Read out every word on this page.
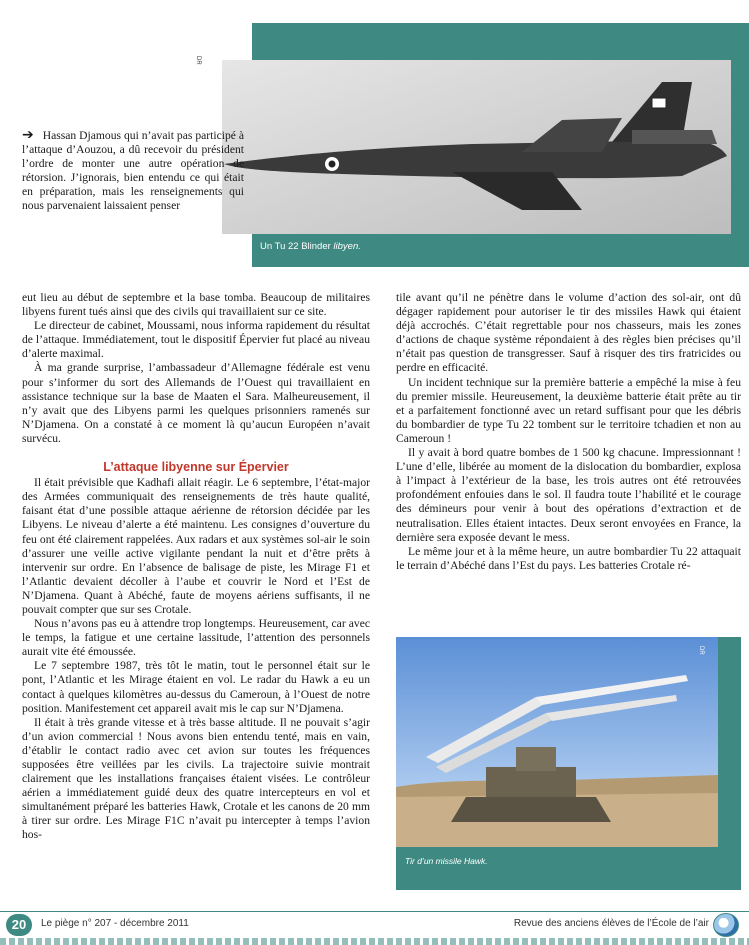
DR
Un Tu 22 Blinder libyen.
➔ Hassan Djamous qui n’avait pas participé à l’attaque d’Aouzou, a dû recevoir du président l’ordre de monter une autre opération de rétorsion. J’ignorais, bien entendu ce qui était en préparation, mais les renseignements qui nous parvenaient laissaient penser

eut lieu au début de septembre et la base tomba. Beaucoup de militaires libyens furent tués ainsi que des civils qui travaillaient sur ce site.

Le directeur de cabinet, Moussami, nous informa rapidement du résultat de l’attaque. Immédiatement, tout le dispositif Épervier fut placé au niveau d’alerte maximal.

À ma grande surprise, l’ambassadeur d’Allemagne fédérale est venu pour s’informer du sort des Allemands de l’Ouest qui travaillaient en assistance technique sur la base de Maaten el Sara. Malheureusement, il n’y avait que des Libyens parmi les quelques prisonniers ramenés sur N’Djamena. On a constaté à ce moment là qu’aucun Européen n’avait survécu.

L’attaque libyenne sur Épervier

Il était prévisible que Kadhafi allait réagir. Le 6 septembre, l’état-major des Armées communiquait des renseignements de très haute qualité, faisant état d’une possible attaque aérienne de rétorsion décidée par les Libyens. Le niveau d’alerte a été maintenu. Les consignes d’ouverture du feu ont été clairement rappelées. Aux radars et aux systèmes sol-air le soin d’assurer une veille active vigilante pendant la nuit et d’être prêts à intervenir sur ordre. En l’absence de balisage de piste, les Mirage F1 et l’Atlantic devaient décoller à l’aube et couvrir le Nord et l’Est de N’Djamena. Quant à Abéché, faute de moyens aériens suffisants, il ne pouvait compter que sur ses Crotale.

Nous n’avons pas eu à attendre trop longtemps. Heureusement, car avec le temps, la fatigue et une certaine lassitude, l’attention des personnels aurait vite été émoussée.

Le 7 septembre 1987, très tôt le matin, tout le personnel était sur le pont, l’Atlantic et les Mirage étaient en vol. Le radar du Hawk a eu un contact à quelques kilomètres au-dessus du Cameroun, à l’Ouest de notre position. Manifestement cet appareil avait mis le cap sur N’Djamena.

Il était à très grande vitesse et à très basse altitude. Il ne pouvait s’agir d’un avion commercial ! Nous avons bien entendu tenté, mais en vain, d’établir le contact radio avec cet avion sur toutes les fréquences supposées être veillées par les civils. La trajectoire suivie montrait clairement que les installations françaises étaient visées. Le contrôleur aérien a immédiatement guidé deux des quatre intercepteurs en vol et simultanément préparé les batteries Hawk, Crotale et les canons de 20 mm à tirer sur ordre. Les Mirage F1C n’avait pu intercepter à temps l’avion hos-

tile avant qu’il ne pénètre dans le volume d’action des sol-air, ont dû dégager rapidement pour autoriser le tir des missiles Hawk qui étaient déjà accrochés. C’était regrettable pour nos chasseurs, mais les zones d’actions de chaque système répondaient à des règles bien précises qu’il n’était pas question de transgresser. Sauf à risquer des tirs fratricides ou perdre en efficacité.

Un incident technique sur la première batterie a empêché la mise à feu du premier missile. Heureusement, la deuxième batterie était prête au tir et a parfaitement fonctionné avec un retard suffisant pour que les débris du bombardier de type Tu 22 tombent sur le territoire tchadien et non au Cameroun !

Il y avait à bord quatre bombes de 1 500 kg chacune. Impressionnant ! L’une d’elle, libérée au moment de la dislocation du bombardier, explosa à l’impact à l’extérieur de la base, les trois autres ont été retrouvées profondément enfouies dans le sol. Il faudra toute l’habilité et le courage des démineurs pour venir à bout des opérations d’extraction et de neutralisation. Elles étaient intactes. Deux seront envoyées en France, la dernière sera exposée devant le mess.

Le même jour et à la même heure, un autre bombardier Tu 22 attaquait le terrain d’Abéché dans l’Est du pays. Les batteries Crotale ré-

DR
Tir d’un missile Hawk.
20	Le piège n° 207 - décembre 2011	Revue des anciens élèves de l’École de l’air
